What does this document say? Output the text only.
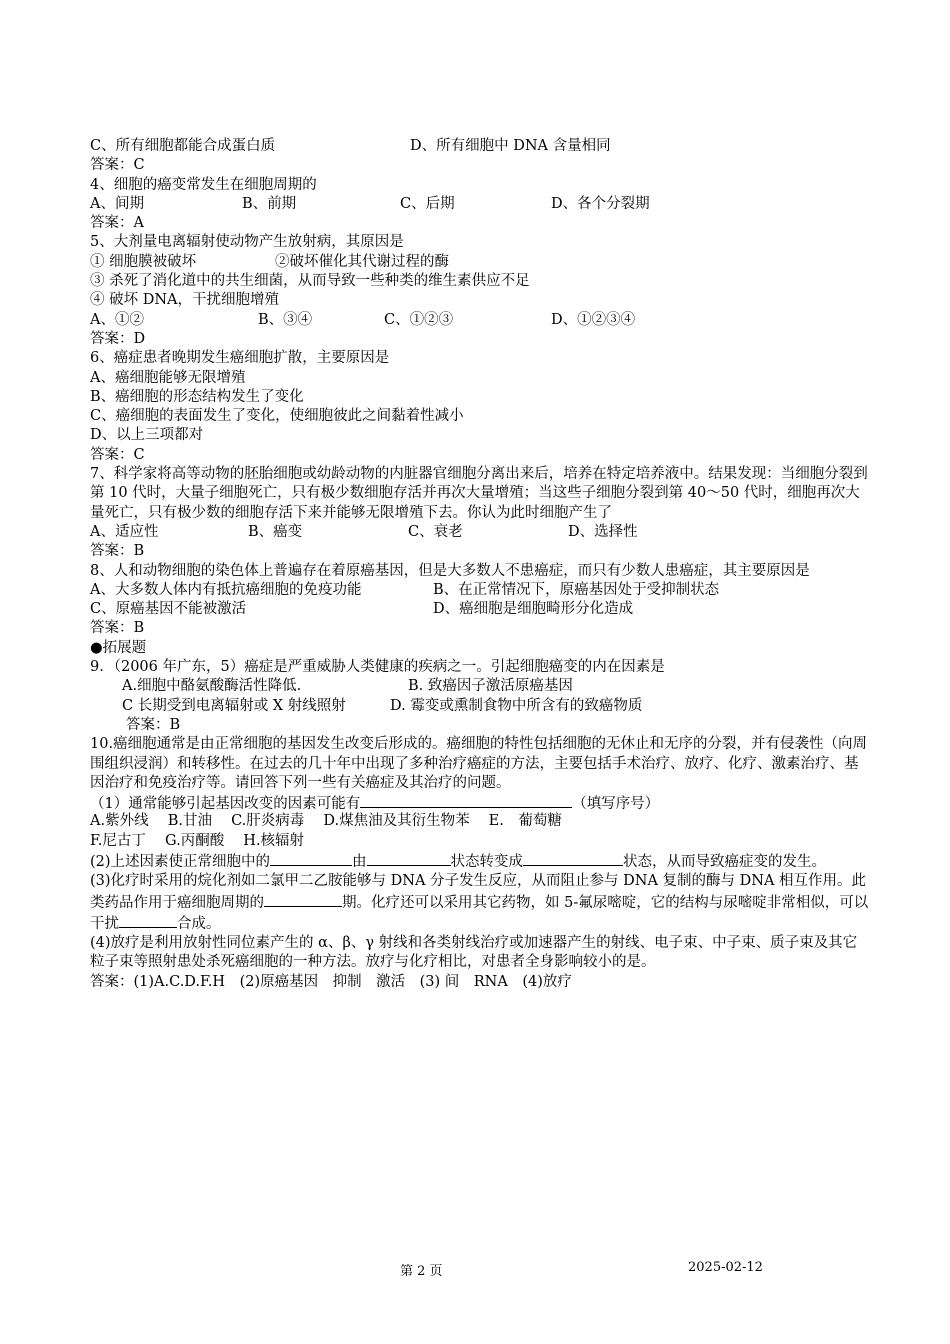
C、所有细胞都能合成蛋白质	D、所有细胞中 DNA 含量相同
答案：C
4、细胞的癌变常发生在细胞周期的
A、间期	B、前期	C、后期	D、各个分裂期
答案：A
5、大剂量电离辐射使动物产生放射病，其原因是
① 细胞膜被破坏	②破坏催化其代谢过程的酶
③ 杀死了消化道中的共生细菌，从而导致一些种类的维生素供应不足
④ 破坏 DNA，干扰细胞增殖
A、①②	B、③④	C、①②③	D、①②③④
答案：D
6、癌症患者晚期发生癌细胞扩散，主要原因是
A、癌细胞能够无限增殖
B、癌细胞的形态结构发生了变化
C、癌细胞的表面发生了变化，使细胞彼此之间黏着性减小
D、以上三项都对
答案：C
7、科学家将高等动物的胚胎细胞或幼龄动物的内脏器官细胞分离出来后，培养在特定培养液中。结果发现：当细胞分裂到第 10 代时，大量子细胞死亡，只有极少数细胞存活并再次大量增殖；当这些子细胞分裂到第 40～50 代时，细胞再次大量死亡，只有极少数的细胞存活下来并能够无限增殖下去。你认为此时细胞产生了
A、适应性	B、癌变	C、衰老	D、选择性
答案：B
8、人和动物细胞的染色体上普遍存在着原癌基因，但是大多数人不患癌症，而只有少数人患癌症，其主要原因是
A、大多数人体内有抵抗癌细胞的免疫功能	B、在正常情况下，原癌基因处于受抑制状态
C、原癌基因不能被激活	D、癌细胞是细胞畸形分化造成
答案：B
●拓展题
9．（2006 年广东，5）癌症是严重威胁人类健康的疾病之一。引起细胞癌变的内在因素是
A.细胞中酪氨酸酶活性降低.	B. 致癌因子激活原癌基因
C 长期受到电离辐射或 X 射线照射	D. 霉变或熏制食物中所含有的致癌物质
答案：B
10.癌细胞通常是由正常细胞的基因发生改变后形成的。癌细胞的特性包括细胞的无休止和无序的分裂，并有侵袭性（向周围组织浸润）和转移性。在过去的几十年中出现了多种治疗癌症的方法，主要包括手术治疗、放疗、化疗、激素治疗、基因治疗和免疫治疗等。请回答下列一些有关癌症及其治疗的问题。
（1）通常能够引起基因改变的因素可能有	（填写序号）
A.紫外线　 B.甘油　 C.肝炎病毒　 D.煤焦油及其衍生物苯　 E.　葡萄糖
F.尼古丁　 G.丙酮酸　 H.核辐射
(2)上述因素使正常细胞中的	由	状态转变成	状态，从而导致癌症变的发生。
(3)化疗时采用的烷化剂如二氯甲二乙胺能够与 DNA 分子发生反应，从而阻止参与 DNA 复制的酶与 DNA 相互作用。此类药品作用于癌细胞周期的	期。化疗还可以采用其它药物，如 5-氟尿嘧啶，它的结构与尿嘧啶非常相似，可以干扰	合成。
(4)放疗是利用放射性同位素产生的 α、β、γ 射线和各类射线治疗或加速器产生的射线、电子束、中子束、质子束及其它粒子束等照射患处杀死癌细胞的一种方法。放疗与化疗相比，对患者全身影响较小的是。
答案：(1)A.C.D.F.H　(2)原癌基因　抑制　激活　(3) 间　RNA　(4)放疗
第 2 页	2025-02-12
